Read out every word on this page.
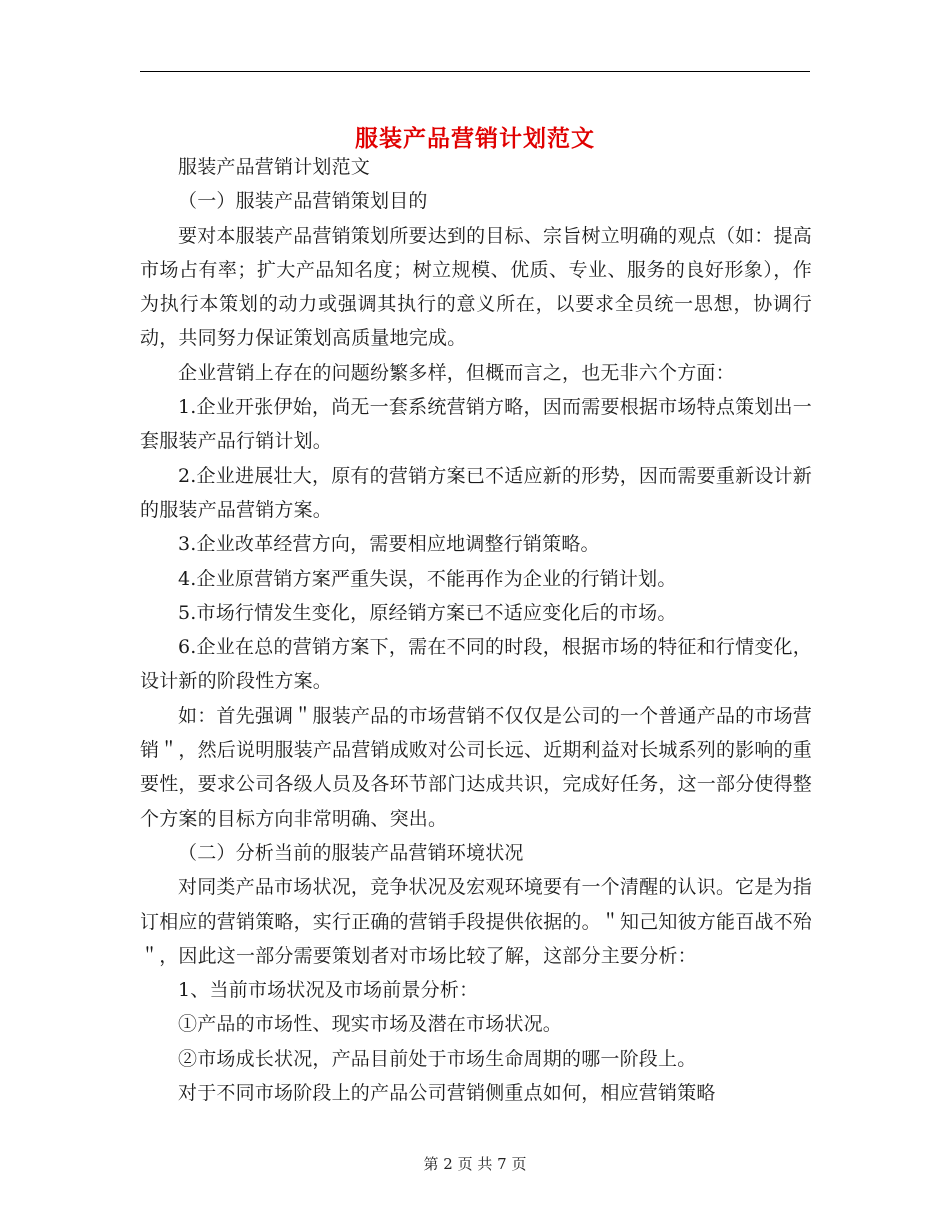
服装产品营销计划范文

服装产品营销计划范文

（一）服装产品营销策划目的

要对本服装产品营销策划所要达到的目标、宗旨树立明确的观点（如：提高市场占有率；扩大产品知名度；树立规模、优质、专业、服务的良好形象），作为执行本策划的动力或强调其执行的意义所在，以要求全员统一思想，协调行动，共同努力保证策划高质量地完成。

企业营销上存在的问题纷繁多样，但概而言之，也无非六个方面：

1.企业开张伊始，尚无一套系统营销方略，因而需要根据市场特点策划出一套服装产品行销计划。

2.企业进展壮大，原有的营销方案已不适应新的形势，因而需要重新设计新的服装产品营销方案。

3.企业改革经营方向，需要相应地调整行销策略。

4.企业原营销方案严重失误，不能再作为企业的行销计划。

5.市场行情发生变化，原经销方案已不适应变化后的市场。

6.企业在总的营销方案下，需在不同的时段，根据市场的特征和行情变化，设计新的阶段性方案。

如：首先强调＂服装产品的市场营销不仅仅是公司的一个普通产品的市场营销＂，然后说明服装产品营销成败对公司长远、近期利益对长城系列的影响的重要性，要求公司各级人员及各环节部门达成共识，完成好任务，这一部分使得整个方案的目标方向非常明确、突出。

（二）分析当前的服装产品营销环境状况

对同类产品市场状况，竞争状况及宏观环境要有一个清醒的认识。它是为指订相应的营销策略，实行正确的营销手段提供依据的。＂知己知彼方能百战不殆＂，因此这一部分需要策划者对市场比较了解，这部分主要分析：

1、当前市场状况及市场前景分析：

①产品的市场性、现实市场及潜在市场状况。

②市场成长状况，产品目前处于市场生命周期的哪一阶段上。

对于不同市场阶段上的产品公司营销侧重点如何，相应营销策略

第 2 页 共 7 页
